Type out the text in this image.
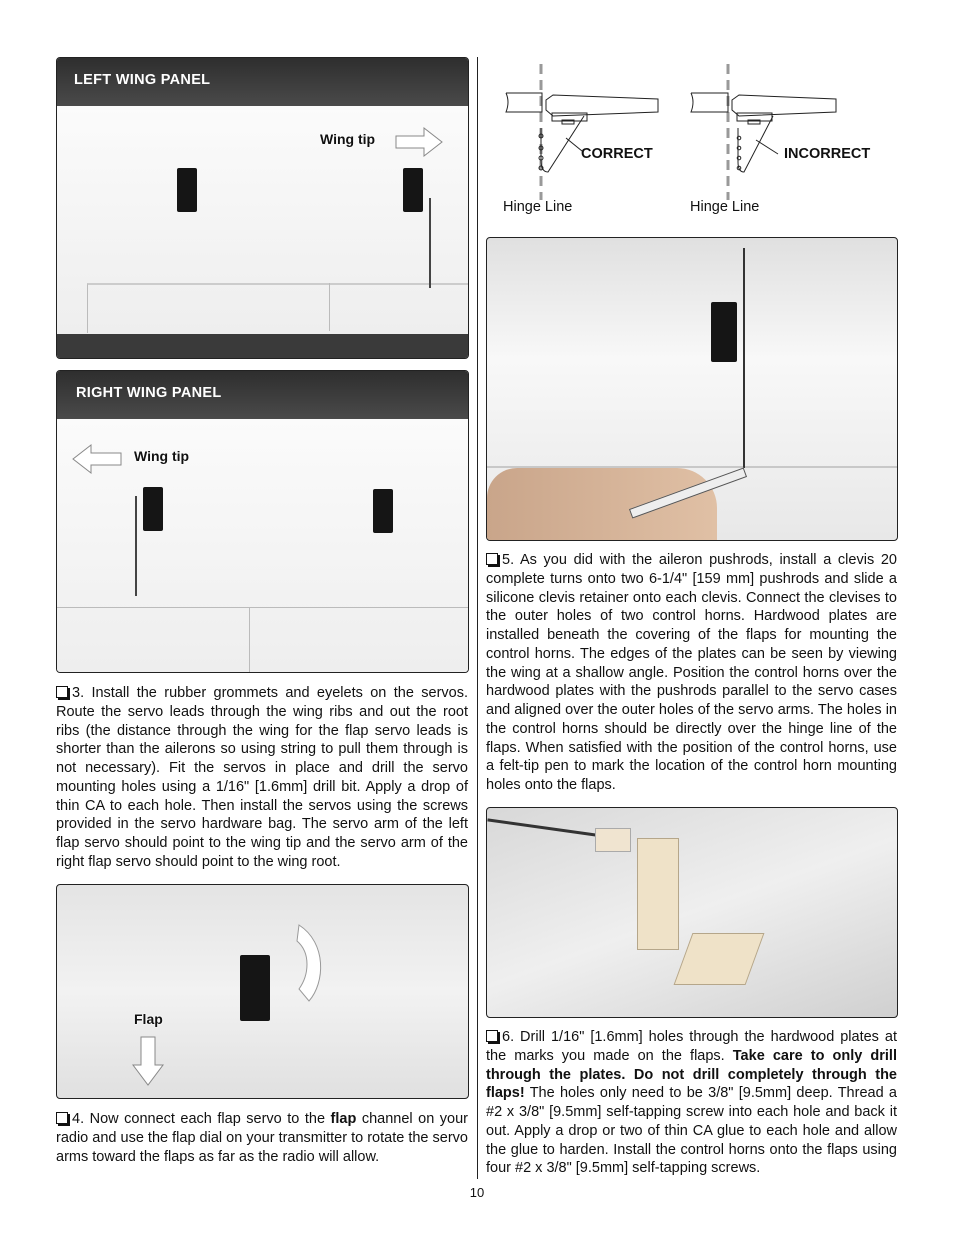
LEFT WING PANEL
Wing tip
RIGHT WING PANEL
Wing tip
3. Install the rubber grommets and eyelets on the servos. Route the servo leads through the wing ribs and out the root ribs (the distance through the wing for the flap servo leads is shorter than the ailerons so using string to pull them through is not necessary). Fit the servos in place and drill the servo mounting holes using a 1/16" [1.6mm] drill bit. Apply a drop of thin CA to each hole. Then install the servos using the screws provided in the servo hardware bag. The servo arm of the left flap servo should point to the wing tip and the servo arm of the right flap servo should point to the wing root.
Flap
4. Now connect each flap servo to the flap channel on your radio and use the flap dial on your transmitter to rotate the servo arms toward the flaps as far as the radio will allow.
CORRECT	INCORRECT
Hinge Line	Hinge Line
5. As you did with the aileron pushrods, install a clevis 20 complete turns onto two 6-1/4" [159 mm] pushrods and slide a silicone clevis retainer onto each clevis. Connect the clevises to the outer holes of two control horns. Hardwood plates are installed beneath the covering of the flaps for mounting the control horns. The edges of the plates can be seen by viewing the wing at a shallow angle. Position the control horns over the hardwood plates with the pushrods parallel to the servo cases and aligned over the outer holes of the servo arms. The holes in the control horns should be directly over the hinge line of the flaps. When satisfied with the position of the control horns, use a felt-tip pen to mark the location of the control horn mounting holes onto the flaps.
6. Drill 1/16" [1.6mm] holes through the hardwood plates at the marks you made on the flaps. Take care to only drill through the plates. Do not drill completely through the flaps! The holes only need to be 3/8" [9.5mm] deep. Thread a #2 x 3/8" [9.5mm] self-tapping screw into each hole and back it out. Apply a drop or two of thin CA glue to each hole and allow the glue to harden. Install the control horns onto the flaps using four #2 x 3/8" [9.5mm] self-tapping screws.
10
